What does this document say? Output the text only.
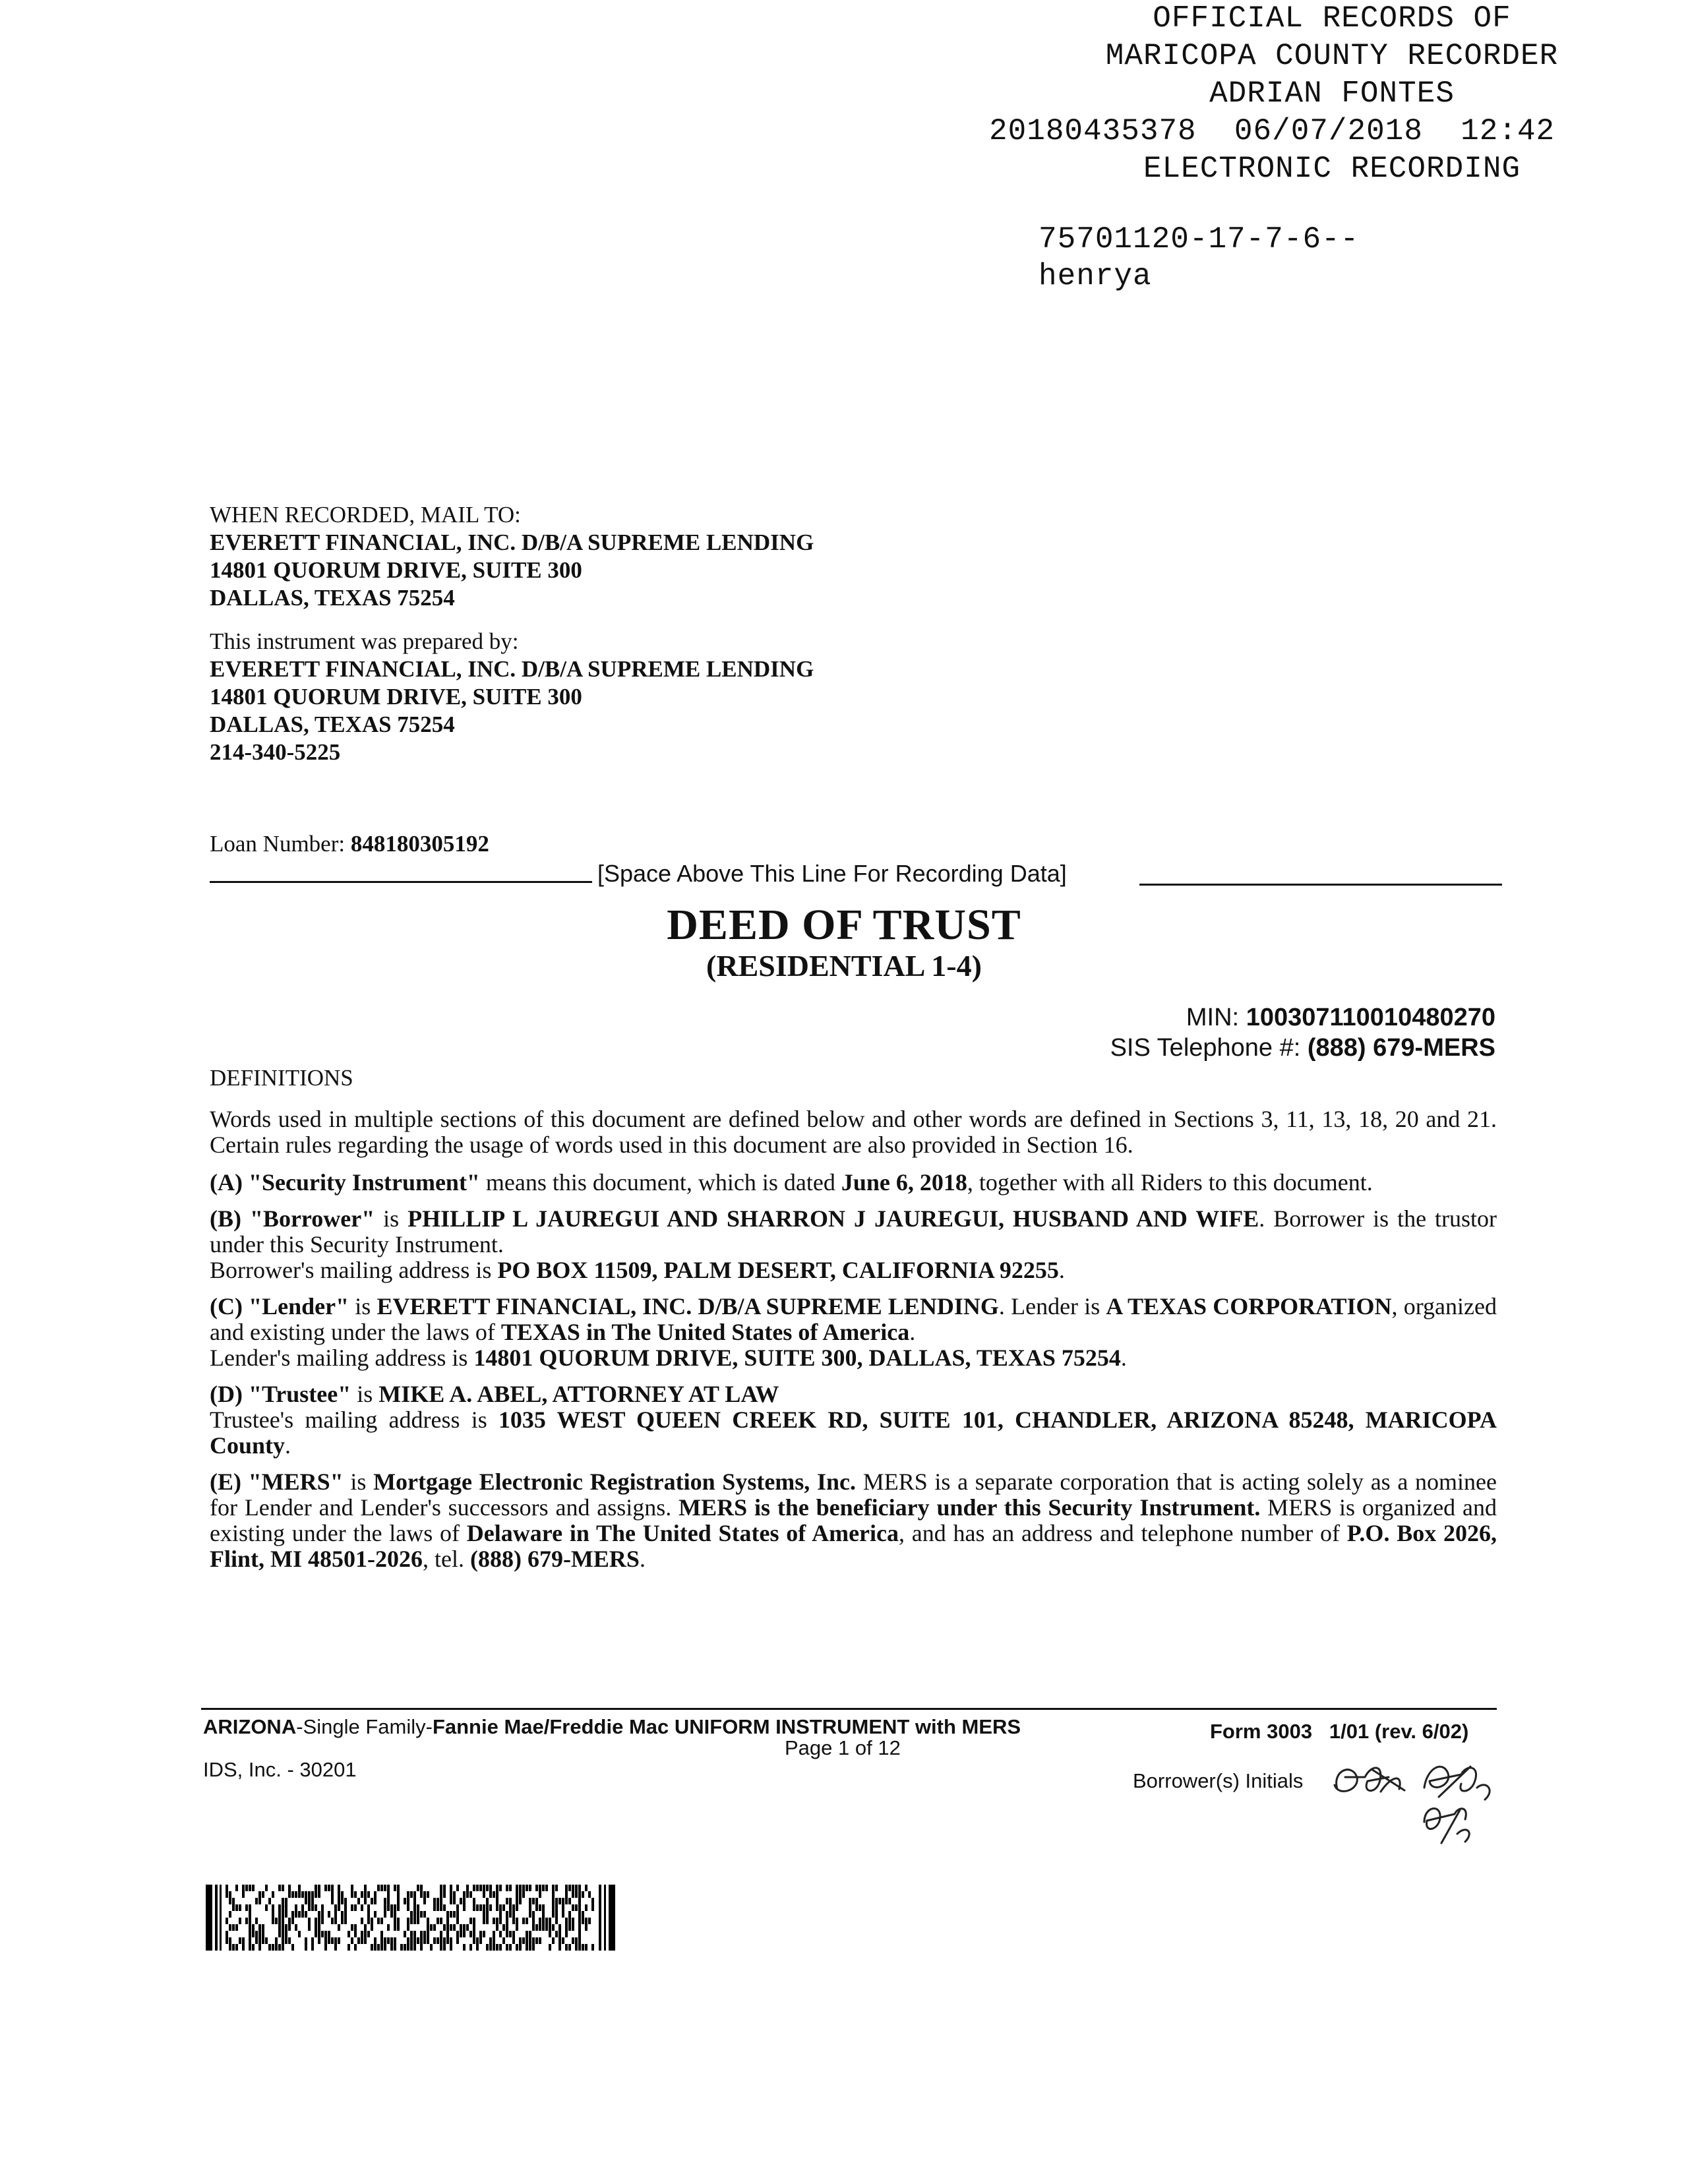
OFFICIAL RECORDS OF
MARICOPA COUNTY RECORDER
ADRIAN FONTES
20180435378 06/07/2018 12:42
ELECTRONIC RECORDING
75701120-17-7-6--
henrya
WHEN RECORDED, MAIL TO:
EVERETT FINANCIAL, INC. D/B/A SUPREME LENDING
14801 QUORUM DRIVE, SUITE 300
DALLAS, TEXAS 75254
This instrument was prepared by:
EVERETT FINANCIAL, INC. D/B/A SUPREME LENDING
14801 QUORUM DRIVE, SUITE 300
DALLAS, TEXAS 75254
214-340-5225
Loan Number: 848180305192
[Space Above This Line For Recording Data]
DEED OF TRUST
(RESIDENTIAL 1-4)
MIN: 100307110010480270
SIS Telephone #: (888) 679-MERS
DEFINITIONS

Words used in multiple sections of this document are defined below and other words are defined in Sections 3, 11, 13, 18, 20 and 21. Certain rules regarding the usage of words used in this document are also provided in Section 16.

(A) "Security Instrument" means this document, which is dated June 6, 2018, together with all Riders to this document.

(B) "Borrower" is PHILLIP L JAUREGUI AND SHARRON J JAUREGUI, HUSBAND AND WIFE. Borrower is the trustor under this Security Instrument.
Borrower's mailing address is PO BOX 11509, PALM DESERT, CALIFORNIA 92255.

(C) "Lender" is EVERETT FINANCIAL, INC. D/B/A SUPREME LENDING. Lender is A TEXAS CORPORATION, organized and existing under the laws of TEXAS in The United States of America.
Lender's mailing address is 14801 QUORUM DRIVE, SUITE 300, DALLAS, TEXAS 75254.

(D) "Trustee" is MIKE A. ABEL, ATTORNEY AT LAW
Trustee's mailing address is 1035 WEST QUEEN CREEK RD, SUITE 101, CHANDLER, ARIZONA 85248, MARICOPA County.

(E) "MERS" is Mortgage Electronic Registration Systems, Inc. MERS is a separate corporation that is acting solely as a nominee for Lender and Lender's successors and assigns. MERS is the beneficiary under this Security Instrument. MERS is organized and existing under the laws of Delaware in The United States of America, and has an address and telephone number of P.O. Box 2026, Flint, MI 48501-2026, tel. (888) 679-MERS.

ARIZONA-Single Family-Fannie Mae/Freddie Mac UNIFORM INSTRUMENT with MERS	Form 3003   1/01 (rev. 6/02)
Page 1 of 12
IDS, Inc. - 30201	Borrower(s) Initials
